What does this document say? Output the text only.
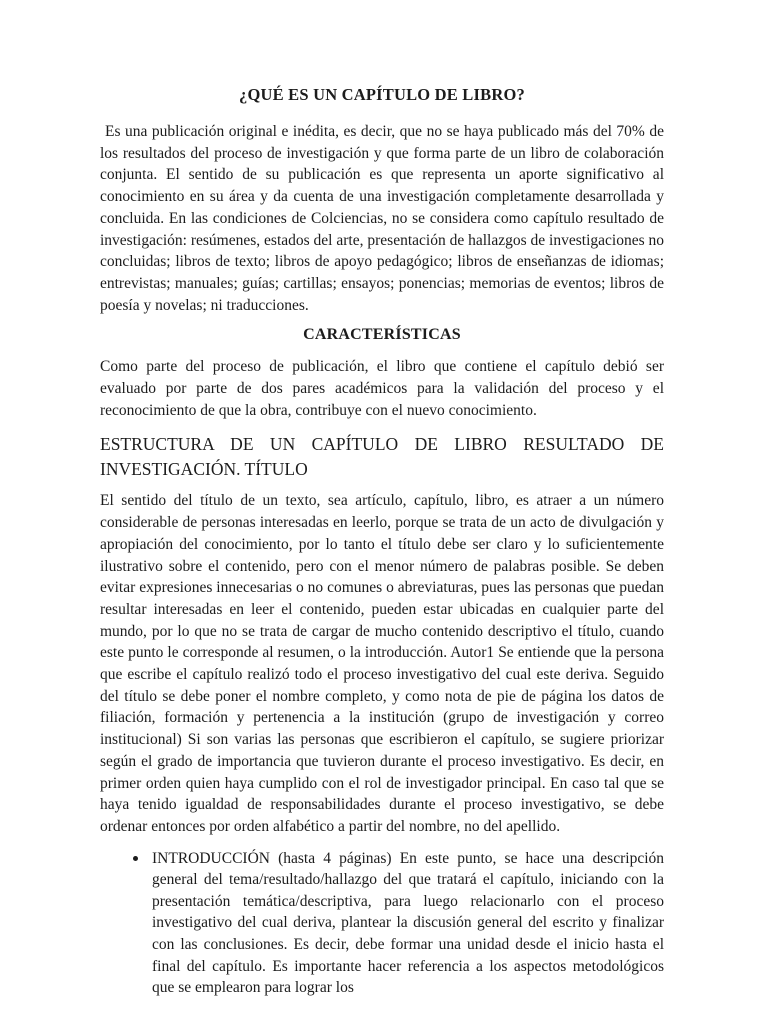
¿QUÉ ES UN CAPÍTULO DE LIBRO?

Es una publicación original e inédita, es decir, que no se haya publicado más del 70% de los resultados del proceso de investigación y que forma parte de un libro de colaboración conjunta. El sentido de su publicación es que representa un aporte significativo al conocimiento en su área y da cuenta de una investigación completamente desarrollada y concluida. En las condiciones de Colciencias, no se considera como capítulo resultado de investigación: resúmenes, estados del arte, presentación de hallazgos de investigaciones no concluidas; libros de texto; libros de apoyo pedagógico; libros de enseñanzas de idiomas; entrevistas; manuales; guías; cartillas; ensayos; ponencias; memorias de eventos; libros de poesía y novelas; ni traducciones.

CARACTERÍSTICAS

Como parte del proceso de publicación, el libro que contiene el capítulo debió ser evaluado por parte de dos pares académicos para la validación del proceso y el reconocimiento de que la obra, contribuye con el nuevo conocimiento.

ESTRUCTURA DE UN CAPÍTULO DE LIBRO RESULTADO DE INVESTIGACIÓN. TÍTULO

El sentido del título de un texto, sea artículo, capítulo, libro, es atraer a un número considerable de personas interesadas en leerlo, porque se trata de un acto de divulgación y apropiación del conocimiento, por lo tanto el título debe ser claro y lo suficientemente ilustrativo sobre el contenido, pero con el menor número de palabras posible. Se deben evitar expresiones innecesarias o no comunes o abreviaturas, pues las personas que puedan resultar interesadas en leer el contenido, pueden estar ubicadas en cualquier parte del mundo, por lo que no se trata de cargar de mucho contenido descriptivo el título, cuando este punto le corresponde al resumen, o la introducción. Autor1 Se entiende que la persona que escribe el capítulo realizó todo el proceso investigativo del cual este deriva. Seguido del título se debe poner el nombre completo, y como nota de pie de página los datos de filiación, formación y pertenencia a la institución (grupo de investigación y correo institucional) Si son varias las personas que escribieron el capítulo, se sugiere priorizar según el grado de importancia que tuvieron durante el proceso investigativo. Es decir, en primer orden quien haya cumplido con el rol de investigador principal. En caso tal que se haya tenido igualdad de responsabilidades durante el proceso investigativo, se debe ordenar entonces por orden alfabético a partir del nombre, no del apellido.

INTRODUCCIÓN (hasta 4 páginas) En este punto, se hace una descripción general del tema/resultado/hallazgo del que tratará el capítulo, iniciando con la presentación temática/descriptiva, para luego relacionarlo con el proceso investigativo del cual deriva, plantear la discusión general del escrito y finalizar con las conclusiones. Es decir, debe formar una unidad desde el inicio hasta el final del capítulo. Es importante hacer referencia a los aspectos metodológicos que se emplearon para lograr los
